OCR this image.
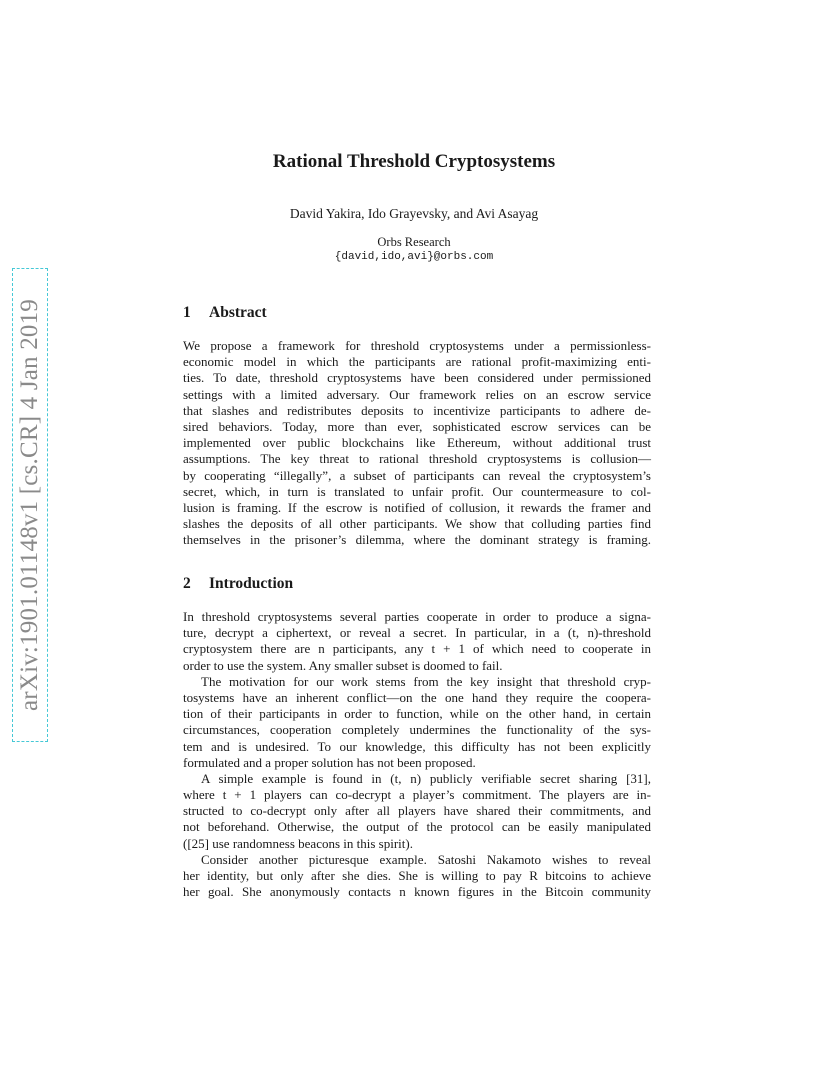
arXiv:1901.01148v1 [cs.CR] 4 Jan 2019
Rational Threshold Cryptosystems
David Yakira, Ido Grayevsky, and Avi Asayag
Orbs Research
{david,ido,avi}@orbs.com
1 Abstract
We propose a framework for threshold cryptosystems under a permissionless-
economic model in which the participants are rational profit-maximizing enti-
ties. To date, threshold cryptosystems have been considered under permissioned
settings with a limited adversary. Our framework relies on an escrow service
that slashes and redistributes deposits to incentivize participants to adhere de-
sired behaviors. Today, more than ever, sophisticated escrow services can be
implemented over public blockchains like Ethereum, without additional trust
assumptions. The key threat to rational threshold cryptosystems is collusion—
by cooperating “illegally”, a subset of participants can reveal the cryptosystem’s
secret, which, in turn is translated to unfair profit. Our countermeasure to col-
lusion is framing. If the escrow is notified of collusion, it rewards the framer and
slashes the deposits of all other participants. We show that colluding parties find
themselves in the prisoner’s dilemma, where the dominant strategy is framing.
2 Introduction
In threshold cryptosystems several parties cooperate in order to produce a signa-
ture, decrypt a ciphertext, or reveal a secret. In particular, in a (t, n)-threshold
cryptosystem there are n participants, any t + 1 of which need to cooperate in
order to use the system. Any smaller subset is doomed to fail.
The motivation for our work stems from the key insight that threshold cryp-
tosystems have an inherent conflict—on the one hand they require the coopera-
tion of their participants in order to function, while on the other hand, in certain
circumstances, cooperation completely undermines the functionality of the sys-
tem and is undesired. To our knowledge, this difficulty has not been explicitly
formulated and a proper solution has not been proposed.
A simple example is found in (t, n) publicly verifiable secret sharing [31],
where t + 1 players can co-decrypt a player’s commitment. The players are in-
structed to co-decrypt only after all players have shared their commitments, and
not beforehand. Otherwise, the output of the protocol can be easily manipulated
([25] use randomness beacons in this spirit).
Consider another picturesque example. Satoshi Nakamoto wishes to reveal
her identity, but only after she dies. She is willing to pay R bitcoins to achieve
her goal. She anonymously contacts n known figures in the Bitcoin community
